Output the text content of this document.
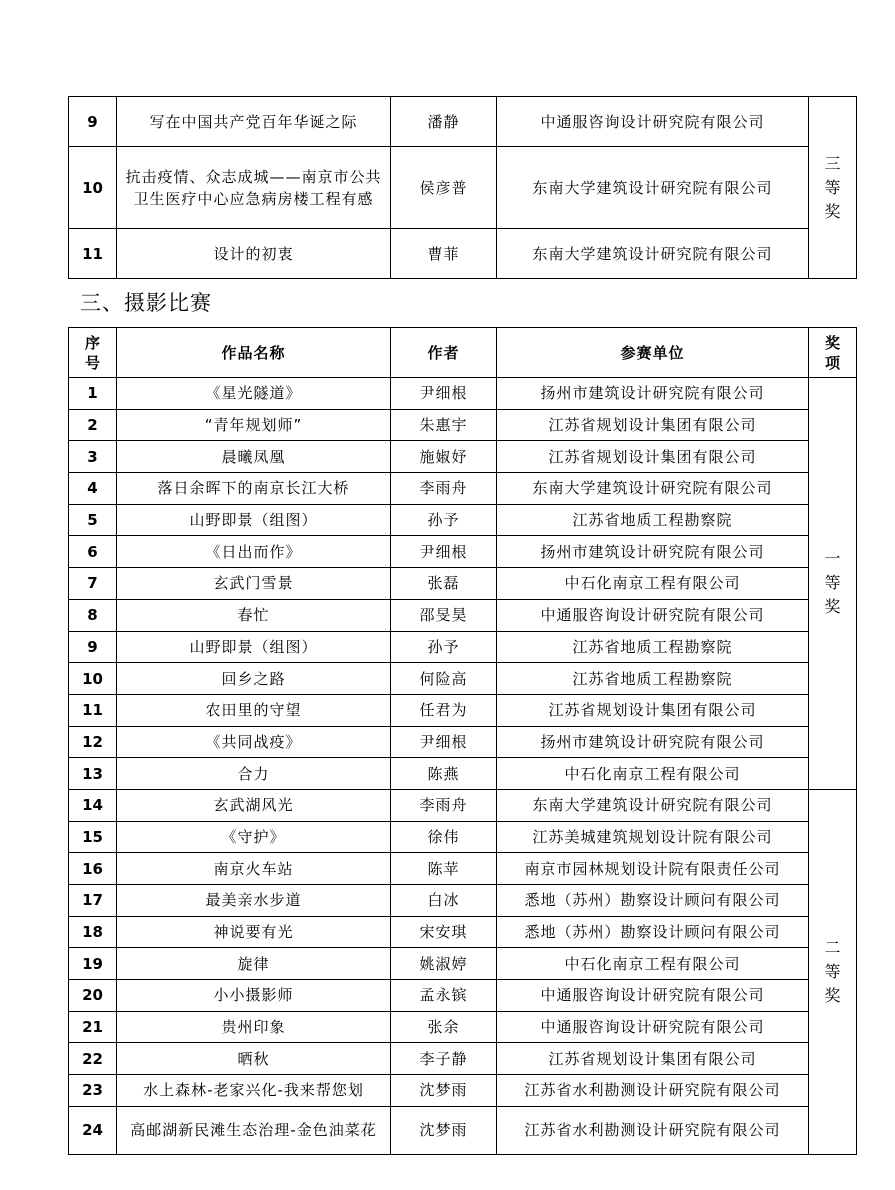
9	写在中国共产党百年华诞之际	潘静	中通服咨询设计研究院有限公司	三等奖
10	抗击疫情、众志成城——南京市公共卫生医疗中心应急病房楼工程有感	侯彦普	东南大学建筑设计研究院有限公司	
11	设计的初衷	曹菲	东南大学建筑设计研究院有限公司	
三、摄影比赛
序号	作品名称	作者	参赛单位	奖项
1	《星光隧道》	尹细根	扬州市建筑设计研究院有限公司	一等奖
2	“青年规划师”	朱惠宇	江苏省规划设计集团有限公司	
3	晨曦凤凰	施婌妤	江苏省规划设计集团有限公司	
4	落日余晖下的南京长江大桥	李雨舟	东南大学建筑设计研究院有限公司	
5	山野即景（组图）	孙予	江苏省地质工程勘察院	
6	《日出而作》	尹细根	扬州市建筑设计研究院有限公司	
7	玄武门雪景	张磊	中石化南京工程有限公司	
8	春忙	邵旻昊	中通服咨询设计研究院有限公司	
9	山野即景（组图）	孙予	江苏省地质工程勘察院	
10	回乡之路	何险高	江苏省地质工程勘察院	
11	农田里的守望	任君为	江苏省规划设计集团有限公司	
12	《共同战疫》	尹细根	扬州市建筑设计研究院有限公司	
13	合力	陈燕	中石化南京工程有限公司	
14	玄武湖风光	李雨舟	东南大学建筑设计研究院有限公司	二等奖
15	《守护》	徐伟	江苏美城建筑规划设计院有限公司	
16	南京火车站	陈苹	南京市园林规划设计院有限责任公司	
17	最美亲水步道	白冰	悉地（苏州）勘察设计顾问有限公司	
18	神说要有光	宋安琪	悉地（苏州）勘察设计顾问有限公司	
19	旋律	姚淑婷	中石化南京工程有限公司	
20	小小摄影师	孟永镔	中通服咨询设计研究院有限公司	
21	贵州印象	张余	中通服咨询设计研究院有限公司	
22	晒秋	李子静	江苏省规划设计集团有限公司	
23	水上森林-老家兴化-我来帮您划	沈梦雨	江苏省水利勘测设计研究院有限公司	
24	高邮湖新民滩生态治理-金色油菜花	沈梦雨	江苏省水利勘测设计研究院有限公司	
